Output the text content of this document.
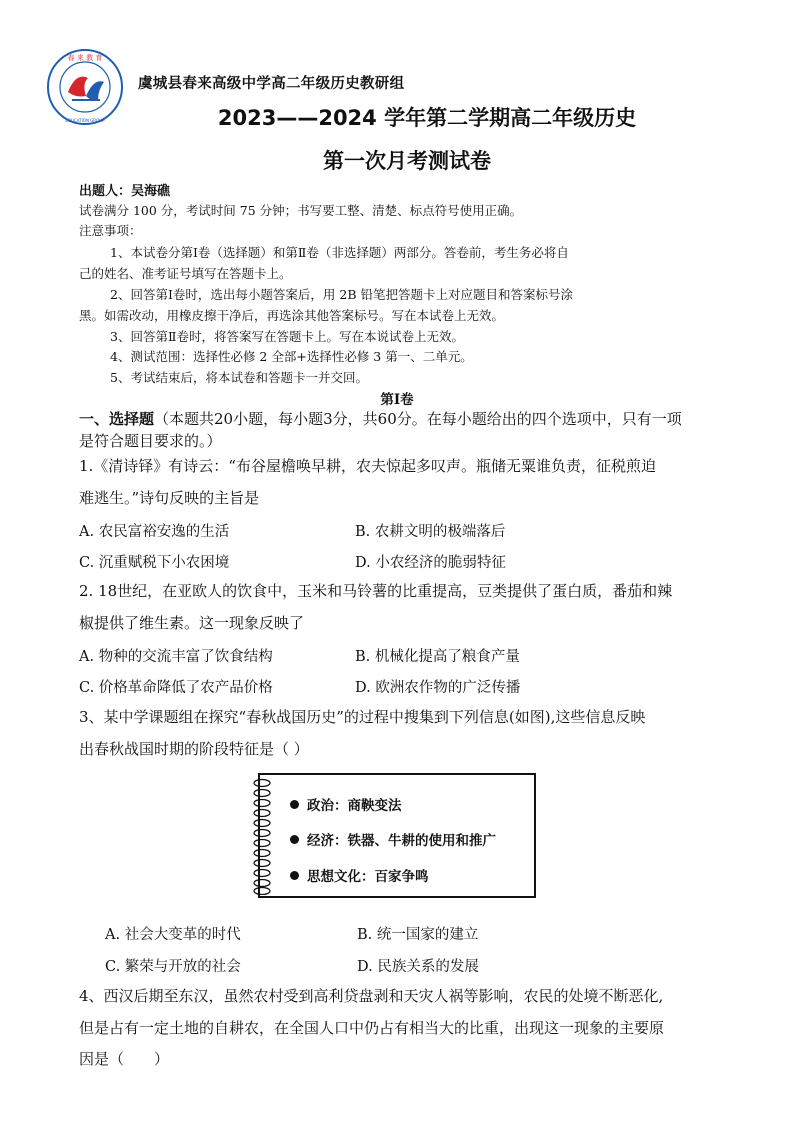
春 来 教 育
EDUCATION GROUP
虞城县春来高级中学高二年级历史教研组
2023——2024 学年第二学期高二年级历史
第一次月考测试卷
出题人：吴海礁
试卷满分 100 分，考试时间 75 分钟；书写要工整、清楚、标点符号使用正确。
注意事项：
1、本试卷分第Ⅰ卷（选择题）和第Ⅱ卷（非选择题）两部分。答卷前，考生务必将自
己的姓名、准考证号填写在答题卡上。
2、回答第Ⅰ卷时，选出每小题答案后，用 2B 铅笔把答题卡上对应题目和答案标号涂
黑。如需改动，用橡皮擦干净后，再选涂其他答案标号。写在本试卷上无效。
3、回答第Ⅱ卷时，将答案写在答题卡上。写在本说试卷上无效。
4、测试范围：选择性必修 2 全部+选择性必修 3 第一、二单元。
5、考试结束后，将本试卷和答题卡一并交回。
第Ⅰ卷
一、选择题（本题共20小题，每小题3分，共60分。在每小题给出的四个选项中，只有一项
是符合题目要求的。）
1.《清诗铎》有诗云：“布谷屋檐唤早耕，农夫惊起多叹声。瓶储无粟谁负责，征税煎迫
难逃生。”诗句反映的主旨是
A. 农民富裕安逸的生活	B. 农耕文明的极端落后
C. 沉重赋税下小农困境	D. 小农经济的脆弱特征
2. 18世纪，在亚欧人的饮食中，玉米和马铃薯的比重提高，豆类提供了蛋白质，番茄和辣
椒提供了维生素。这一现象反映了
A. 物种的交流丰富了饮食结构	B. 机械化提高了粮食产量
C. 价格革命降低了农产品价格	D. 欧洲农作物的广泛传播
3、某中学课题组在探究“春秋战国历史”的过程中搜集到下列信息(如图),这些信息反映
出春秋战国时期的阶段特征是（ ）
政治：商鞅变法
经济：铁器、牛耕的使用和推广
思想文化：百家争鸣
A. 社会大变革的时代	B. 统一国家的建立
C. 繁荣与开放的社会	D. 民族关系的发展
4、西汉后期至东汉，虽然农村受到高利贷盘剥和天灾人祸等影响，农民的处境不断恶化,
但是占有一定土地的自耕农，在全国人口中仍占有相当大的比重，出现这一现象的主要原
因是（　　）
